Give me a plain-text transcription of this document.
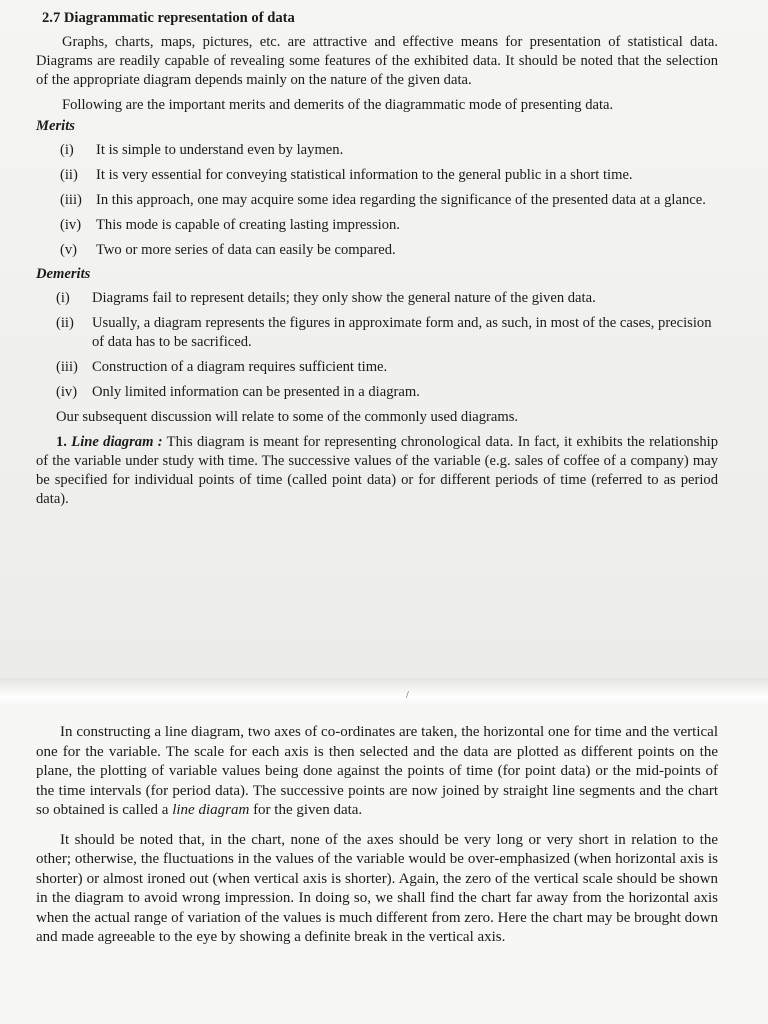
2.7 Diagrammatic representation of data

Graphs, charts, maps, pictures, etc. are attractive and effective means for presentation of statistical data. Diagrams are readily capable of revealing some features of the exhibited data. It should be noted that the selection of the appropriate diagram depends mainly on the nature of the given data.

Following are the important merits and demerits of the diagrammatic mode of presenting data.

Merits
(i)	It is simple to understand even by laymen.
(ii)	It is very essential for conveying statistical information to the general public in a short time.
(iii) In this approach, one may acquire some idea regarding the significance of the presented data at a glance.
(iv)	This mode is capable of creating lasting impression.
(v)	Two or more series of data can easily be compared.
Demerits
(i)	Diagrams fail to represent details; they only show the general nature of the given data.
(ii)	Usually, a diagram represents the figures in approximate form and, as such, in most of the cases, precision of data has to be sacrificed.
(iii) Construction of a diagram requires sufficient time.
(iv)	Only limited information can be presented in a diagram.

Our subsequent discussion will relate to some of the commonly used diagrams.

1. Line diagram : This diagram is meant for representing chronological data. In fact, it exhibits the relationship of the variable under study with time. The successive values of the variable (e.g. sales of coffee of a company) may be specified for individual points of time (called point data) or for different periods of time (referred to as period data).

/

In constructing a line diagram, two axes of co-ordinates are taken, the horizontal one for time and the vertical one for the variable. The scale for each axis is then selected and the data are plotted as different points on the plane, the plotting of variable values being done against the points of time (for point data) or the mid-points of the time intervals (for period data). The successive points are now joined by straight line segments and the chart so obtained is called a line diagram for the given data.

It should be noted that, in the chart, none of the axes should be very long or very short in relation to the other; otherwise, the fluctuations in the values of the variable would be over-emphasized (when horizontal axis is shorter) or almost ironed out (when vertical axis is shorter). Again, the zero of the vertical scale should be shown in the diagram to avoid wrong impression. In doing so, we shall find the chart far away from the horizontal axis when the actual range of variation of the values is much different from zero. Here the chart may be brought down and made agreeable to the eye by showing a definite break in the vertical axis.
